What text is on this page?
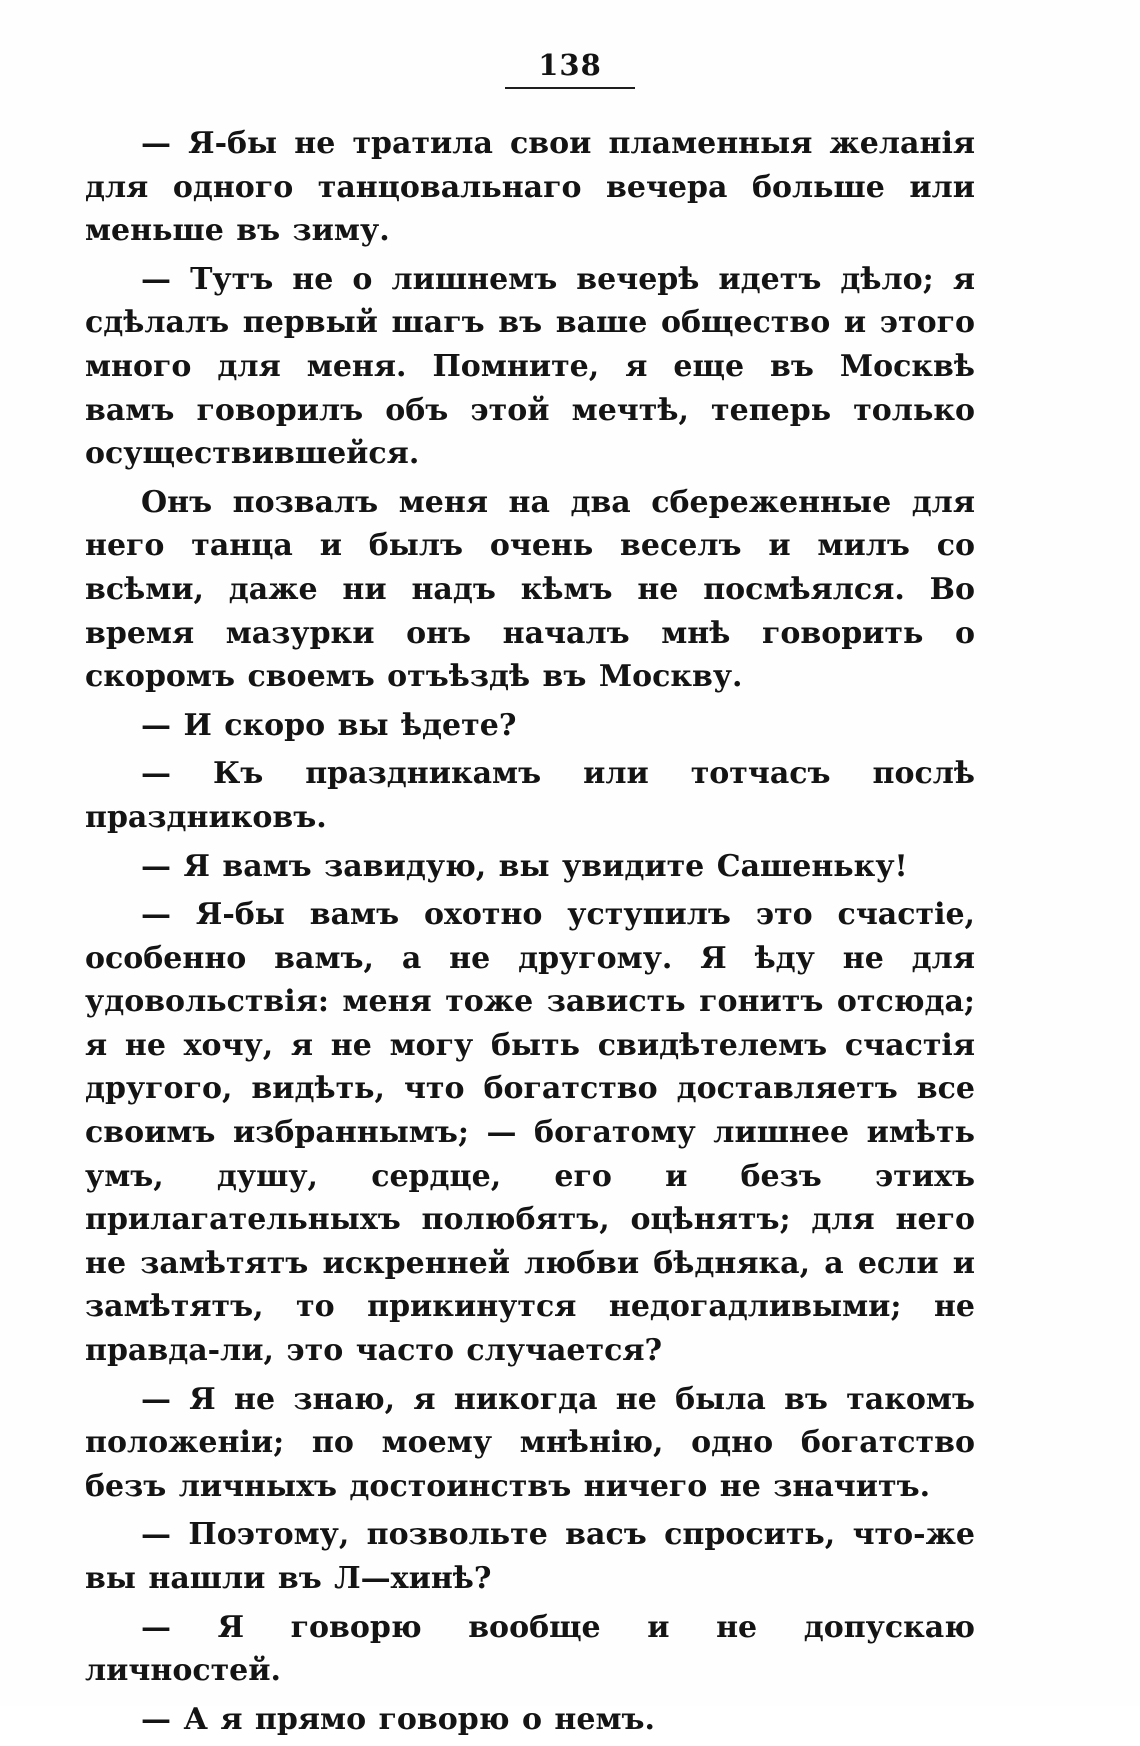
138

— Я-бы не тратила свои пламенныя желанія для одного танцовальнаго вечера больше или меньше въ зиму.

— Тутъ не о лишнемъ вечерѣ идетъ дѣло; я сдѣлалъ первый шагъ въ ваше общество и этого много для меня. Помните, я еще въ Москвѣ вамъ говорилъ объ этой мечтѣ, теперь только осуществившейся.

Онъ позвалъ меня на два сбереженные для него танца и былъ очень веселъ и милъ со всѣми, даже ни надъ кѣмъ не посмѣялся. Во время мазурки онъ началъ мнѣ говорить о скоромъ своемъ отъѣздѣ въ Москву.

— И скоро вы ѣдете?

— Къ праздникамъ или тотчасъ послѣ праздниковъ.

— Я вамъ завидую, вы увидите Сашеньку!

— Я-бы вамъ охотно уступилъ это счастіе, особенно вамъ, а не другому. Я ѣду не для удовольствія: меня тоже зависть гонитъ отсюда; я не хочу, я не могу быть свидѣтелемъ счастія другого, видѣть, что богатство доставляетъ все своимъ избраннымъ; — богатому лишнее имѣть умъ, душу, сердце, его и безъ этихъ прилагательныхъ полюбятъ, оцѣнятъ; для него не замѣтятъ искренней любви бѣдняка, а если и замѣтятъ, то прикинутся недогадливыми; не правда-ли, это часто случается?

— Я не знаю, я никогда не была въ такомъ положеніи; по моему мнѣнію, одно богатство безъ личныхъ достоинствъ ничего не значитъ.

— Поэтому, позвольте васъ спросить, что-же вы нашли въ Л—хинѣ?

— Я говорю вообще и не допускаю личностей.

— А я прямо говорю о немъ.
